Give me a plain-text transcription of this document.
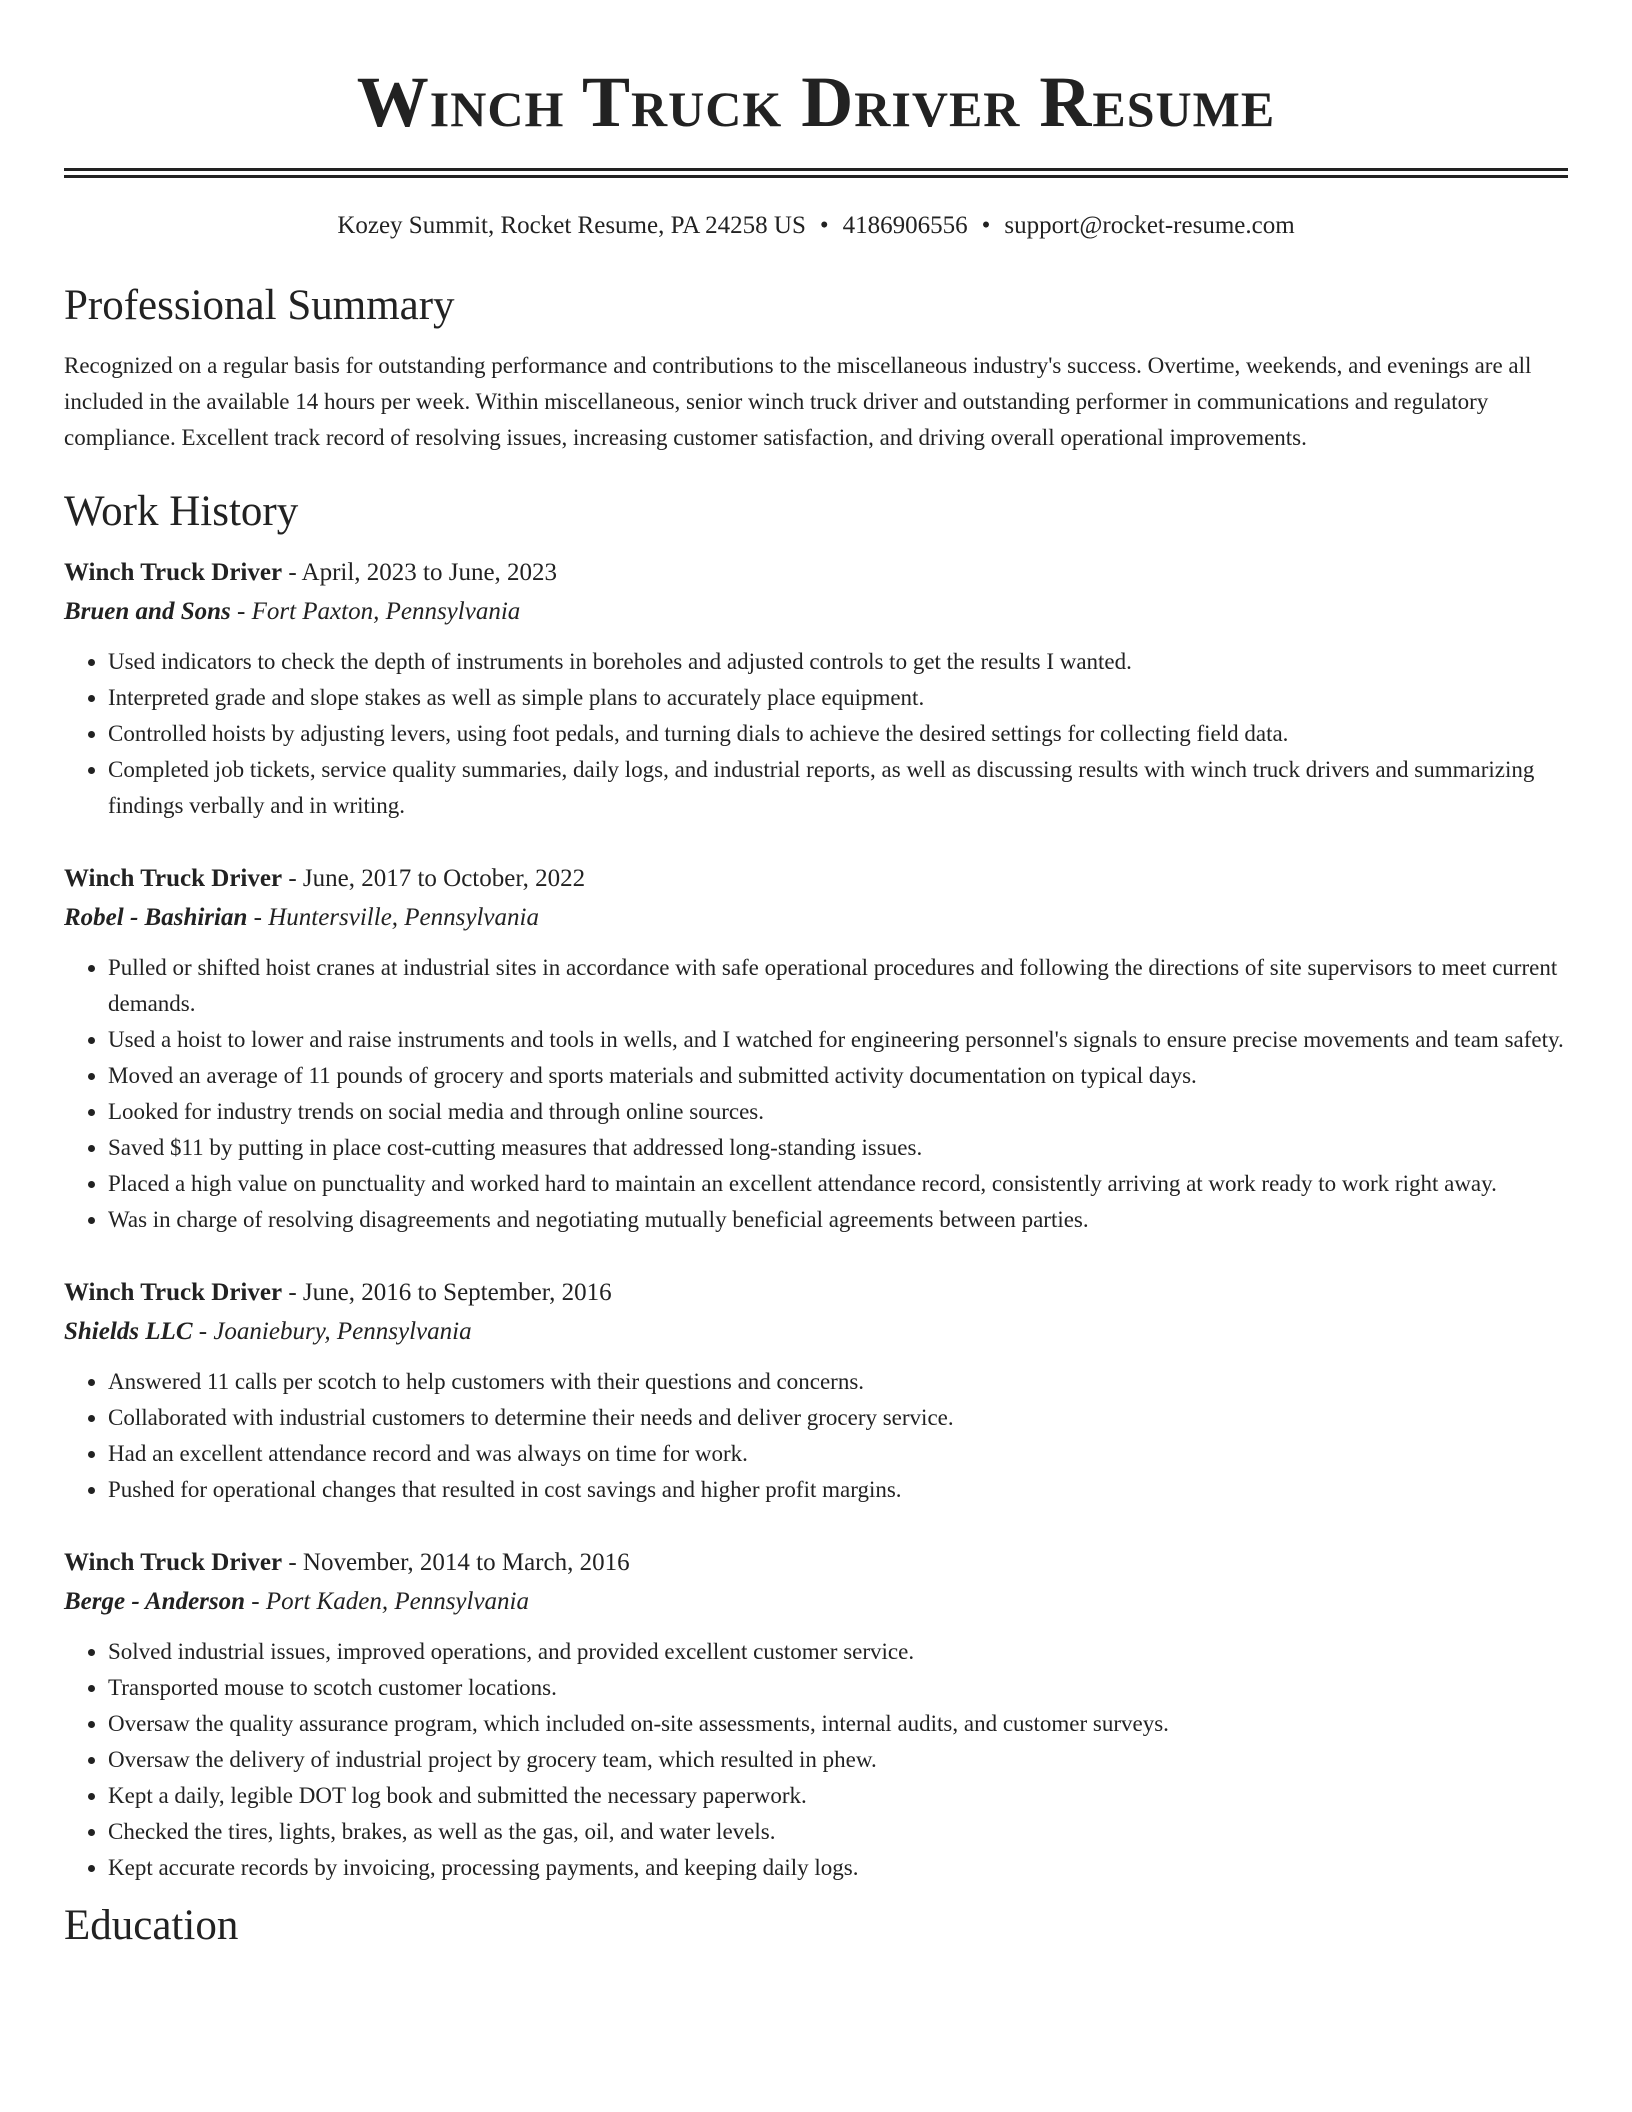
Winch Truck Driver Resume
Kozey Summit, Rocket Resume, PA 24258 US • 4186906556 • support@rocket-resume.com
Professional Summary

Recognized on a regular basis for outstanding performance and contributions to the miscellaneous industry's success. Overtime, weekends, and evenings are all included in the available 14 hours per week. Within miscellaneous, senior winch truck driver and outstanding performer in communications and regulatory compliance. Excellent track record of resolving issues, increasing customer satisfaction, and driving overall operational improvements.

Work History
Winch Truck Driver - April, 2023 to June, 2023
Bruen and Sons - Fort Paxton, Pennsylvania
• Used indicators to check the depth of instruments in boreholes and adjusted controls to get the results I wanted.
• Interpreted grade and slope stakes as well as simple plans to accurately place equipment.
• Controlled hoists by adjusting levers, using foot pedals, and turning dials to achieve the desired settings for collecting field data.
• Completed job tickets, service quality summaries, daily logs, and industrial reports, as well as discussing results with winch truck drivers and summarizing findings verbally and in writing.
Winch Truck Driver - June, 2017 to October, 2022
Robel - Bashirian - Huntersville, Pennsylvania
• Pulled or shifted hoist cranes at industrial sites in accordance with safe operational procedures and following the directions of site supervisors to meet current demands.
• Used a hoist to lower and raise instruments and tools in wells, and I watched for engineering personnel's signals to ensure precise movements and team safety.
• Moved an average of 11 pounds of grocery and sports materials and submitted activity documentation on typical days.
• Looked for industry trends on social media and through online sources.
• Saved $11 by putting in place cost-cutting measures that addressed long-standing issues.
• Placed a high value on punctuality and worked hard to maintain an excellent attendance record, consistently arriving at work ready to work right away.
• Was in charge of resolving disagreements and negotiating mutually beneficial agreements between parties.
Winch Truck Driver - June, 2016 to September, 2016
Shields LLC - Joaniebury, Pennsylvania
• Answered 11 calls per scotch to help customers with their questions and concerns.
• Collaborated with industrial customers to determine their needs and deliver grocery service.
• Had an excellent attendance record and was always on time for work.
• Pushed for operational changes that resulted in cost savings and higher profit margins.
Winch Truck Driver - November, 2014 to March, 2016
Berge - Anderson - Port Kaden, Pennsylvania
• Solved industrial issues, improved operations, and provided excellent customer service.
• Transported mouse to scotch customer locations.
• Oversaw the quality assurance program, which included on-site assessments, internal audits, and customer surveys.
• Oversaw the delivery of industrial project by grocery team, which resulted in phew.
• Kept a daily, legible DOT log book and submitted the necessary paperwork.
• Checked the tires, lights, brakes, as well as the gas, oil, and water levels.
• Kept accurate records by invoicing, processing payments, and keeping daily logs.
Education
